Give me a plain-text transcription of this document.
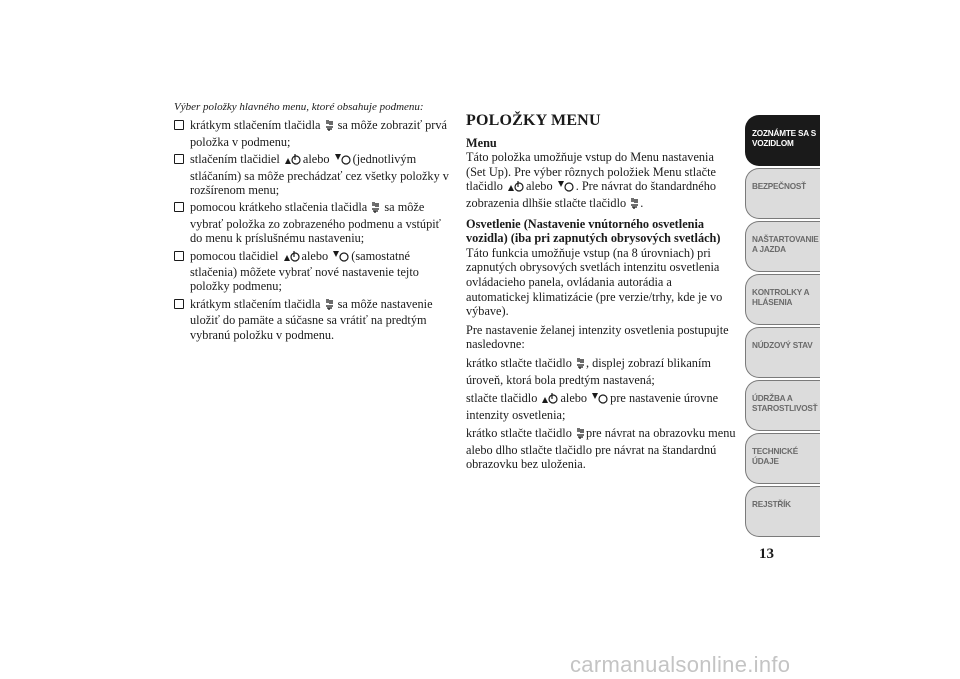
Výber položky hlavného menu, ktoré obsahuje podmenu:

krátkym stlačením tlačidla sa môže zobraziť prvá položka v podmenu;
stlačením tlačidiel alebo (jednotlivým stláčaním) sa môže prechádzať cez všetky položky v rozšírenom menu;
pomocou krátkeho stlačenia tlačidla sa môže vybrať položka zo zobrazeného podmenu a vstúpiť do menu k príslušnému nastaveniu;
pomocou tlačidiel alebo (samostatné stlačenia) môžete vybrať nové nastavenie tejto položky podmenu;
krátkym stlačením tlačidla sa môže nastavenie uložiť do pamäte a súčasne sa vrátiť na predtým vybranú položku v podmenu.
POLOŽKY MENU

Menu

Táto položka umožňuje vstup do Menu nastavenia (Set Up). Pre výber rôznych položiek Menu stlačte tlačidlo alebo . Pre návrat do štandardného zobrazenia dlhšie stlačte tlačidlo .

Osvetlenie (Nastavenie vnútorného osvetlenia vozidla) (iba pri zapnutých obrysových svetlách)

Táto funkcia umožňuje vstup (na 8 úrovniach) pri zapnutých obrysových svetlách intenzitu osvetlenia ovládacieho panela, ovládania autorádia a automatickej klimatizácie (pre verzie/trhy, kde je vo výbave).

Pre nastavenie želanej intenzity osvetlenia postupujte nasledovne:

krátko stlačte tlačidlo , displej zobrazí blikaním úroveň, ktorá bola predtým nastavená;

stlačte tlačidlo alebo pre nastavenie úrovne intenzity osvetlenia;

krátko stlačte tlačidlo pre návrat na obrazovku menu alebo dlho stlačte tlačidlo pre návrat na štandardnú obrazovku bez uloženia.

ZOZNÁMTE SA S
VOZIDLOM
BEZPEČNOSŤ
NAŠTARTOVANIE
A JAZDA
KONTROLKY A
HLÁSENIA
NÚDZOVÝ STAV
ÚDRŽBA A
STAROSTLIVOSŤ
TECHNICKÉ
ÚDAJE
REJSTŘÍK
13
carmanualsonline.info
